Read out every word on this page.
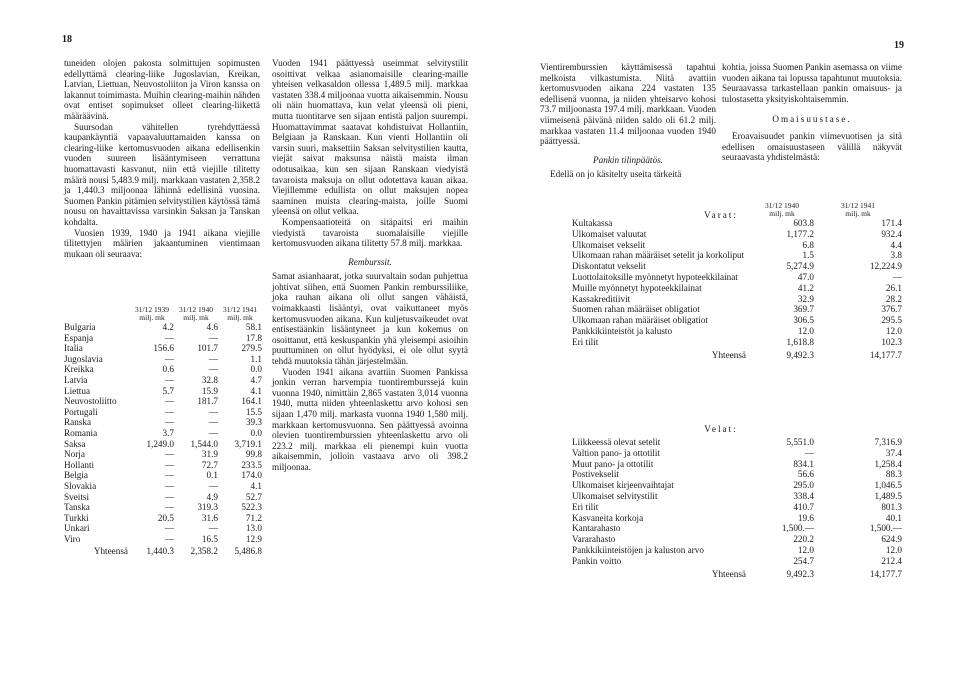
18
19

tuneiden olojen pakosta solmittujen sopimusten edellyttämä clearing-liike Jugoslavian, Kreikan, Latvian, Liettuan, Neuvostoliiton ja Viron kanssa on lakannut toimimasta. Muihin clearing-maihin nähden ovat entiset sopimukset olleet clearing-liikettä määräävinä.

Suursodan vähitellen tyrehdyttäessä kaupankäyntiä vapaavaluuttamaiden kanssa on clearing-liike kertomusvuoden aikana edellisenkin vuoden suureen lisääntymiseen verrattuna huomattavasti kasvanut, niin että viejille tilitetty määrä nousi 5,483.9 milj. markkaan vastaten 2,358.2 ja 1,440.3 miljoonaa lähinnä edellisinä vuosina. Suomen Pankin pitämien selvitystilien käytössä tämä nousu on havaittavissa varsinkin Saksan ja Tanskan kohdalta.

Vuosien 1939, 1940 ja 1941 aikana viejille tilitettyjen määrien jakaantuminen vientimaan mukaan oli seuraava:

	31/12 1939	31/12 1940	31/12 1941
	milj. mk	milj. mk	milj. mk
Bulgaria	4.2	4.6	58.1
Espanja	—	—	17.8
Italia	156.6	101.7	279.5
Jugoslavia	—	—	1.1
Kreikka	0.6	—	0.0
Latvia	—	32.8	4.7
Liettua	5.7	15.9	4.1
Neuvostoliitto	—	181.7	164.1
Portugali	—	—	15.5
Ranska	—	—	39.3
Romania	3.7	—	0.0
Saksa	1,249.0	1,544.0	3,719.1
Norja	—	31.9	99.8
Hollanti	—	72.7	233.5
Belgia	—	0.1	174.0
Slovakia	—	—	4.1
Sveitsi	—	4.9	52.7
Tanska	—	319.3	522.3
Turkki	20.5	31.6	71.2
Unkari	—	—	13.0
Viro	—	16.5	12.9
Yhteensä	1,440.3	2,358.2	5,486.8

Vuoden 1941 päättyessä useimmat selvitystilit osoittivat velkaa asianomaisille clearing-maille yhteisen velkasaldon ollessa 1,489.5 milj. markkaa vastaten 338.4 miljoonaa vuotta aikaisemmin. Nousu oli näin huomattava, kun velat yleensä oli pieni, mutta tuontitarve sen sijaan entistä paljon suurempi. Huomattavimmat saatavat kohdistuivat Hollantiin, Belgiaan ja Ranskaan. Kun vienti Hollantiin oli varsin suuri, maksettiin Saksan selvitystilien kautta, viejät saivat maksunsa näistä maista ilman odotusaikaa, kun sen sijaan Ranskaan viedyistä tavaroista maksuja on ollut odotettava kauan aikaa. Viejillemme edullista on ollut maksujen nopea saaminen muista clearing-maista, joille Suomi yleensä on ollut velkaa.

Kompensaatioteitä on sitäpaitsi eri maihin viedyistä tavaroista suomalaisille viejille kertomusvuoden aikana tilitetty 57.8 milj. markkaa.

Remburssit.

Samat asianhaarat, jotka suurvaltain sodan puhjettua johtivat siihen, että Suomen Pankin remburssiliike, joka rauhan aikana oli ollut sangen vähäistä, voimakkaasti lisääntyi, ovat vaikuttaneet myös kertomusvuoden aikana. Kun kuljetusvaikeudet ovat entisestäänkin lisääntyneet ja kun kokemus on osoittanut, että keskuspankin yhä yleisempi asioihin puuttuminen on ollut hyödyksi, ei ole ollut syytä tehdä muutoksia tähän järjestelmään.

Vuoden 1941 aikana avattiin Suomen Pankissa jonkin verran harvempia tuontiremburssejá kuin vuonna 1940, nimittäin 2,865 vastaten 3,014 vuonna 1940, mutta niiden yhteenlaskettu arvo kohosi sen sijaan 1,470 milj. markasta vuonna 1940 1,580 milj. markkaan kertomusvuonna. Sen päättyessä avoinna olevien tuontiremburssien yhteenlaskettu arvo oli 223.2 milj. markkaa eli pienempi kuin vuotta aikaisemmin, jolloin vastaava arvo oli 398.2 miljoonaa.

Vientiremburssien käyttämisessä tapahtui melkoista vilkastumista. Niitä avattiin kertomusvuoden aikana 224 vastaten 135 edellisenä vuonna, ja niiden yhteisarvo kohosi 73.7 miljoonasta 197.4 milj. markkaan. Vuoden viimeisenä päivänä niiden saldo oli 61.2 milj. markkaa vastaten 11.4 miljoonaa vuoden 1940 päättyessä.

Pankin tilinpäätös.

Edellä on jo käsitelty useita tärkeitä

kohtia, joissa Suomen Pankin asemassa on viime vuoden aikana tai lopussa tapahtunut muutoksia. Seuraavassa tarkastellaan pankin omaisuus- ja tulostasetta yksityiskohtaisemmin.

Omaisuustase.

Eroavaisuudet pankin viimevuotisen ja sitä edellisen omaisuustaseen välillä näkyvät seuraavasta yhdistelmästä:

Varat:
	31/12 1940	31/12 1941
	milj. mk	milj. mk
Kultakassa	603.8	171.4
Ulkomaiset valuutat	1,177.2	932.4
Ulkomaiset vekselit	6.8	4.4
Ulkomaan rahan määräiset setelit ja korkoliput	1.5	3.8
Diskontatut vekselit	5,274.9	12,224.9
Luottolaitoksille myönnetyt hypoteekkilainat	47.0	—
Muille myönnetyt hypoteekkilainat	41.2	26.1
Kassakreditiivit	32.9	28.2
Suomen rahan määräiset obligatiot	369.7	376.7
Ulkomaan rahan määräiset obligatiot	306.5	295.5
Pankkikiinteistöt ja kalusto	12.0	12.0
Eri tilit	1,618.8	102.3
Yhteensä	9,492.3	14,177.7
Velat:
Liikkeessä olevat setelit	5,551.0	7,316.9
Valtion pano- ja ottotilit	—	37.4
Muut pano- ja ottotilit	834.1	1,258.4
Postivekselit	56.6	88.3
Ulkomaiset kirjeenvaihtajat	295.0	1,046.5
Ulkomaiset selvitystilit	338.4	1,489.5
Eri tilit	410.7	801.3
Kasvaneita korkoja	19.6	40.1
Kantarahasto	1,500.—	1,500.—
Vararahasto	220.2	624.9
Pankkikiinteistöjen ja kaluston arvo	12.0	12.0
Pankin voitto	254.7	212.4
Yhteensä	9,492.3	14,177.7
